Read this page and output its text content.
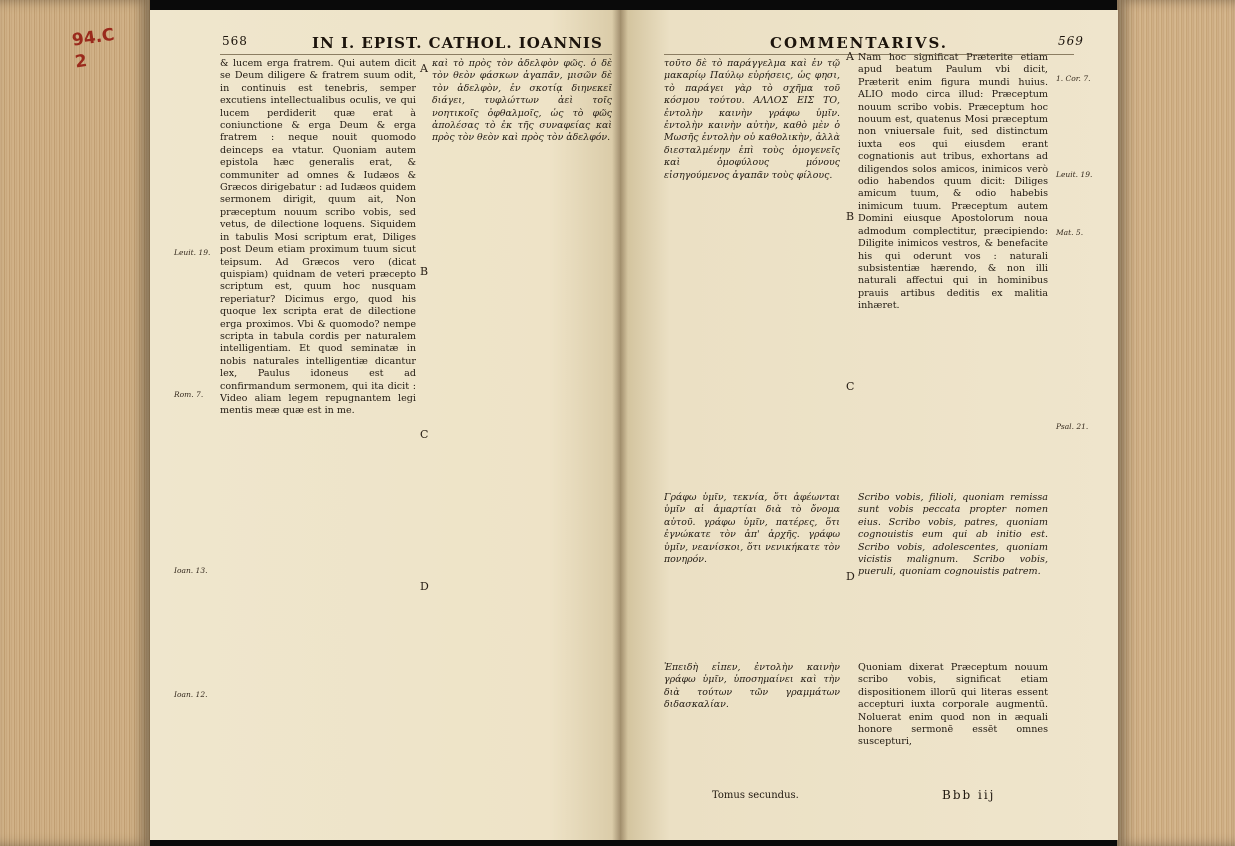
94.C 2
568	IN I. EPIST. CATHOL. IOANNIS

& lucem erga fratrem. Qui autem dicit se Deum diligere & fratrem suum odit, in continuis est tenebris, semper excutiens intellectualibus oculis, ve qui lucem perdiderit quæ erat à coniunctione & erga Deum & erga fratrem : neque nouit quomodo deinceps ea vtatur. Quoniam autem epistola hæc generalis erat, & communiter ad omnes & Iudæos & Græcos dirigebatur : ad Iudæos quidem sermonem dirigit, quum ait, Non præceptum nouum scribo vobis, sed vetus, de dilectione loquens. Siquidem in tabulis Mosi scriptum erat, Diliges post Deum etiam proximum tuum sicut teipsum. Ad Græcos vero (dicat quispiam) quidnam de veteri præcepto scriptum est, quum hoc nusquam reperiatur? Dicimus ergo, quod his quoque lex scripta erat de dilectione erga proximos. Vbi & quomodo? nempe scripta in tabula cordis per naturalem intelligentiam. Et quod seminatæ in nobis naturales intelligentiæ dicantur lex, Paulus idoneus est ad confirmandum sermonem, qui ita dicit : Video aliam legem repugnantem legi mentis meæ quæ est in me.

A
B
C
D

καὶ τὸ πρὸς τὸν ἀδελφὸν φῶς. ὁ δὲ τὸν θεὸν φάσκων ἀγαπᾶν, μισῶν δὲ τὸν ἀδελφὸν, ἐν σκοτίᾳ διηνεκεῖ διάγει, τυφλώττων ἀεὶ τοῖς νοητικοῖς ὀφθαλμοῖς, ὡς τὸ φῶς ἀπολέσας τὸ ἐκ τῆς συναφείας καὶ πρὸς τὸν θεὸν καὶ πρὸς τὸν ἀδελφόν.

Leuit. 19.
Rom. 7.
Ioan. 13.
Ioan. 12.
COMMENTARIVS.	569

τοῦτο δὲ τὸ παράγγελμα καὶ ἐν τῷ μακαρίῳ Παύλῳ εὑρήσεις, ὡς φησι, τὸ παράγει γὰρ τὸ σχῆμα τοῦ κόσμου τούτου. ΑΛΛΟΣ ΕΙΣ ΤΟ, ἐντολὴν καινὴν γράφω ὑμῖν. ἐντολὴν καινὴν αὐτὴν, καθὸ μὲν ὁ Μωσῆς ἐντολὴν οὐ καθολικὴν, ἀλλὰ διεσταλμένην ἐπὶ τοὺς ὁμογενεῖς καὶ ὁμοφύλους μόνους εἰσηγούμενος ἀγαπᾶν τοὺς φίλους.

A
B
C
D

Nam hoc significat Præterite etiam apud beatum Paulum vbi dicit, Præterit enim figura mundi huius. ALIO modo circa illud: Præceptum nouum scribo vobis. Præceptum hoc nouum est, quatenus Mosi præceptum non vniuersale fuit, sed distinctum iuxta eos qui eiusdem erant cognationis aut tribus, exhortans ad diligendos solos amicos, inimicos verò odio habendos quum dicit: Diliges amicum tuum, & odio habebis inimicum tuum. Præceptum autem Domini eiusque Apostolorum noua admodum complectitur, præcipiendo: Diligite inimicos vestros, & benefacite his qui oderunt vos : naturali subsistentiæ hærendo, & non illi naturali affectui qui in hominibus prauis artibus deditis ex malitia inhæret.

Γράφω ὑμῖν, τεκνία, ὅτι ἀφέωνται ὑμῖν αἱ ἁμαρτίαι διὰ τὸ ὄνομα αὐτοῦ. γράφω ὑμῖν, πατέρες, ὅτι ἐγνώκατε τὸν ἀπ' ἀρχῆς. γράφω ὑμῖν, νεανίσκοι, ὅτι νενικήκατε τὸν πονηρόν.

Scribo vobis, filioli, quoniam remissa sunt vobis peccata propter nomen eius. Scribo vobis, patres, quoniam cognouistis eum qui ab initio est. Scribo vobis, adolescentes, quoniam vicistis malignum. Scribo vobis, pueruli, quoniam cognouistis patrem.

Ἐπειδὴ εἶπεν, ἐντολὴν καινὴν γράφω ὑμῖν, ὑποσημαίνει καὶ τὴν διὰ τούτων τῶν γραμμάτων διδασκαλίαν.

Quoniam dixerat Præceptum nouum scribo vobis, significat etiam dispositionem illorū qui literas essent accepturi iuxta corporale augmentū. Noluerat enim quod non in æquali honore sermonē essēt omnes suscepturi,

1. Cor. 7.
Leuit. 19.
Mat. 5.
Psal. 21.
Tomus secundus.	Bbb iij
